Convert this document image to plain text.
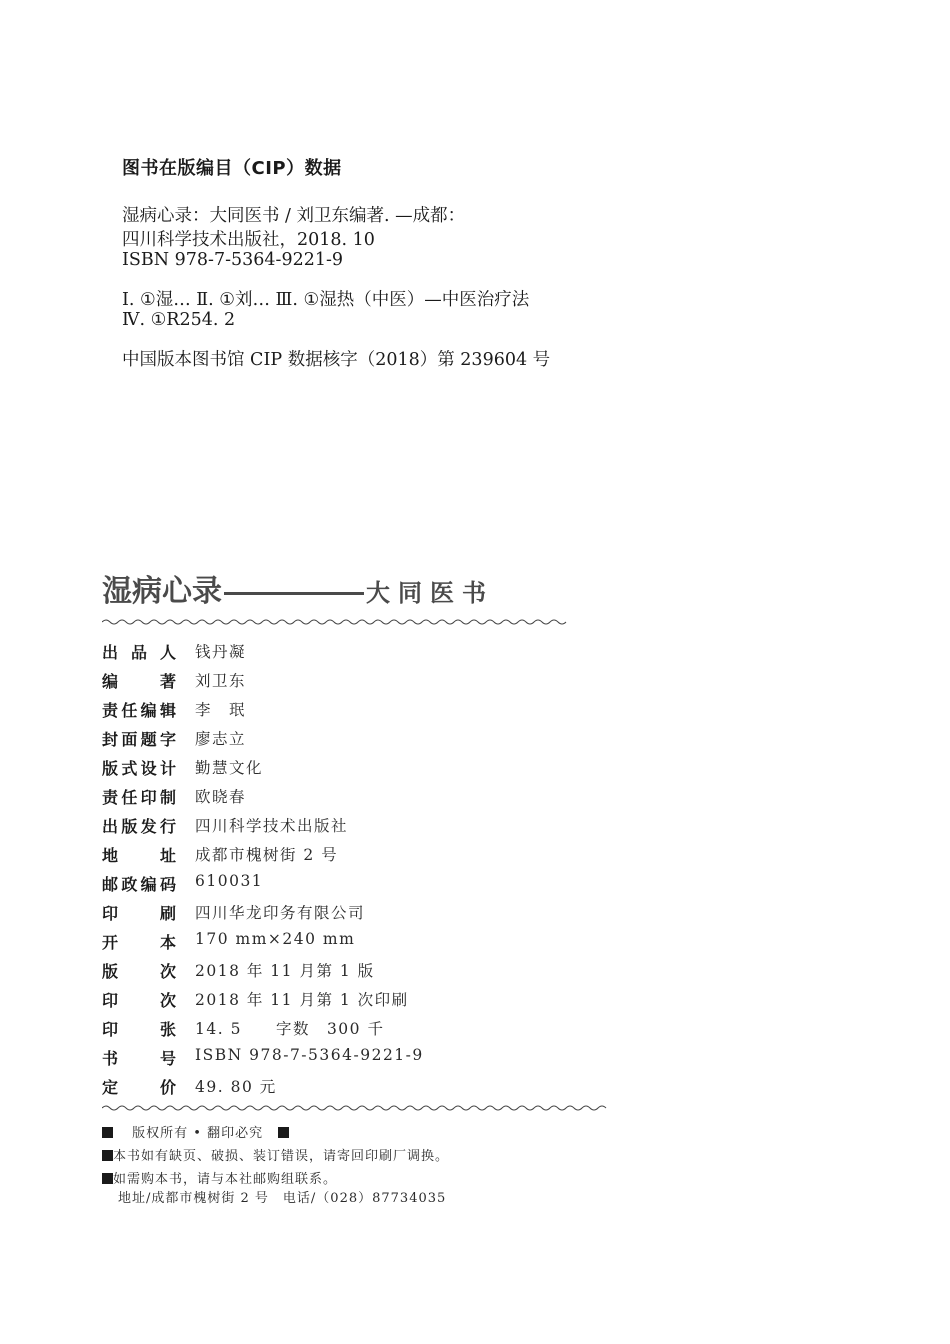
图书在版编目（CIP）数据
湿病心录：大同医书 / 刘卫东编著. —成都：
四川科学技术出版社，2018. 10
ISBN 978-7-5364-9221-9
Ⅰ. ①湿… Ⅱ. ①刘… Ⅲ. ①湿热（中医）—中医治疗法
Ⅳ. ①R254. 2
中国版本图书馆 CIP 数据核字（2018）第 239604 号
湿病心录	大同医书
出 品 人 钱丹凝
编	著 刘卫东
责 任 编 辑 李　珉
封 面 题 字 廖志立
版 式 设 计 勤慧文化
责 任 印 制 欧晓春
出 版 发 行 四川科学技术出版社
地	址 成都市槐树街 2 号
邮 政 编 码 610031
印	刷 四川华龙印务有限公司
开	本 170 mm×240 mm
版	次 2018 年 11 月第 1 版
印	次 2018 年 11 月第 1 次印刷
印	张 14. 5　　字数　300 千
书	号 ISBN 978-7-5364-9221-9
定	价 49. 80 元
版权所有 • 翻印必究
本书如有缺页、破损、装订错误，请寄回印刷厂调换。
如需购本书，请与本社邮购组联系。
地址/成都市槐树街 2 号　电话/（028）87734035
